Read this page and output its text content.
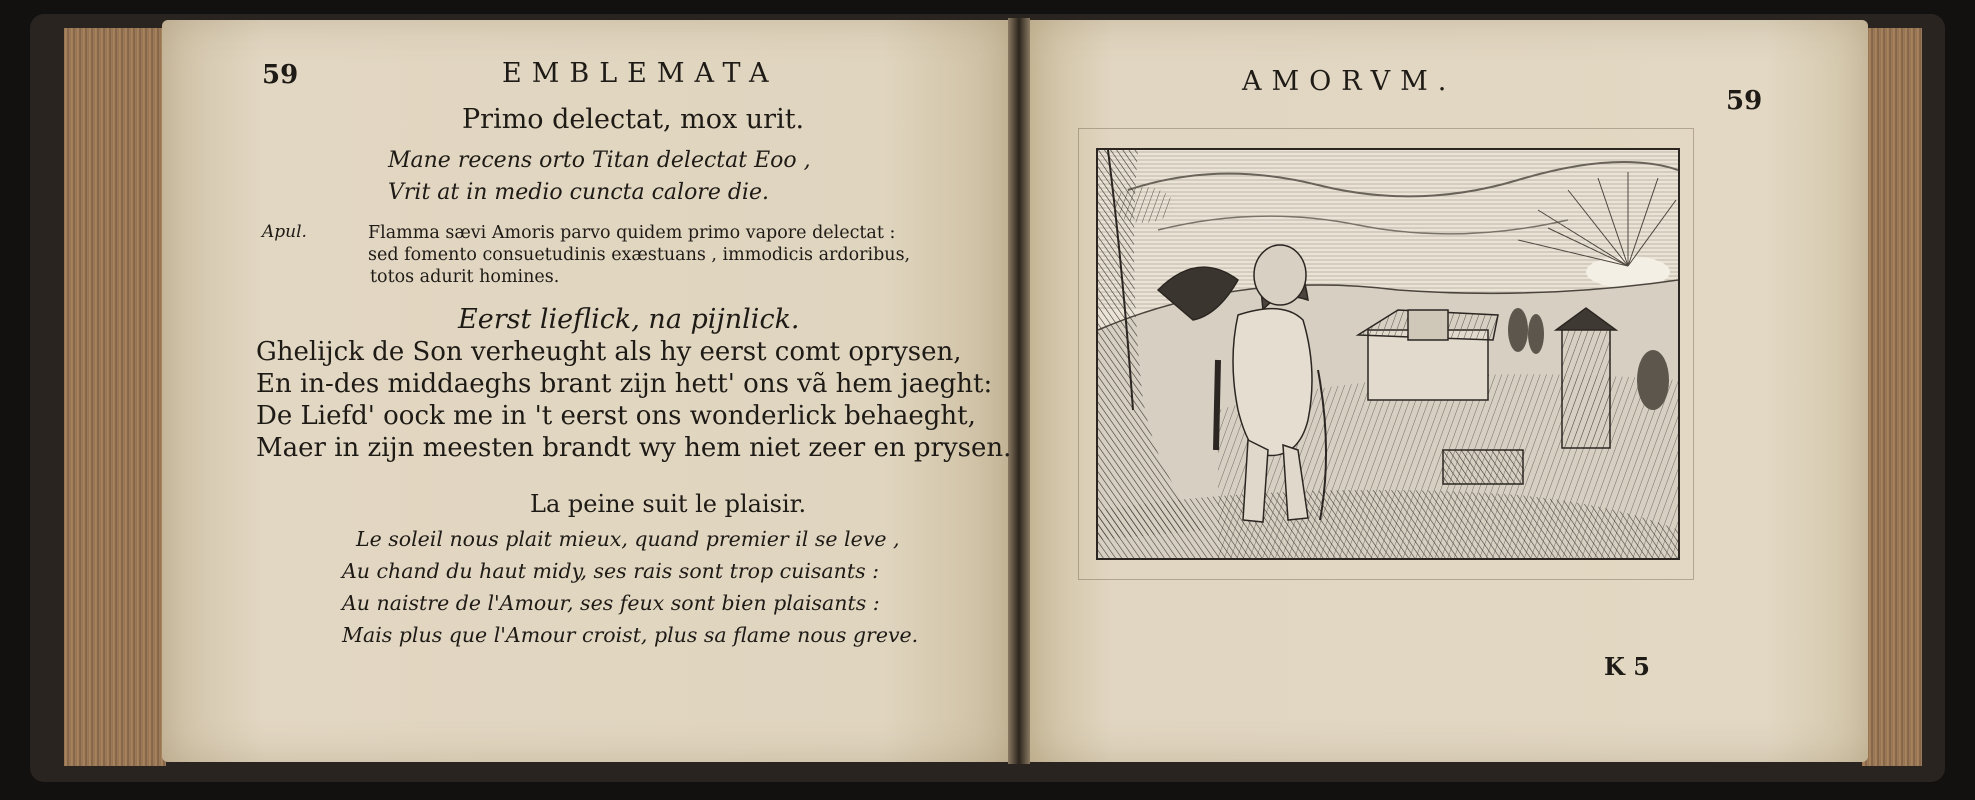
59	EMBLEMATA
Primo delectat, mox urit.
Mane recens orto Titan delectat Eoo ,
Vrit at in medio cuncta calore die.
Apul.	Flamma sævi Amoris parvo quidem primo vapore delectat :
sed fomento consuetudinis exæstuans , immodicis ardoribus,
totos adurit homines.
Eerst lieflick, na pijnlick.
Ghelijck de Son verheught als hy eerst comt oprysen,
En in-des middaeghs brant zijn hett' ons vã hem jaeght:
De Liefd' oock me in 't eerst ons wonderlick behaeght,
Maer in zijn meesten brandt wy hem niet zeer en prysen.
La peine suit le plaisir.
Le soleil nous plait mieux, quand premier il se leve ,
Au chand du haut midy, ses rais sont trop cuisants :
Au naistre de l'Amour, ses feux sont bien plaisants :
Mais plus que l'Amour croist, plus sa flame nous greve.
AMORVM.
59
K 5
